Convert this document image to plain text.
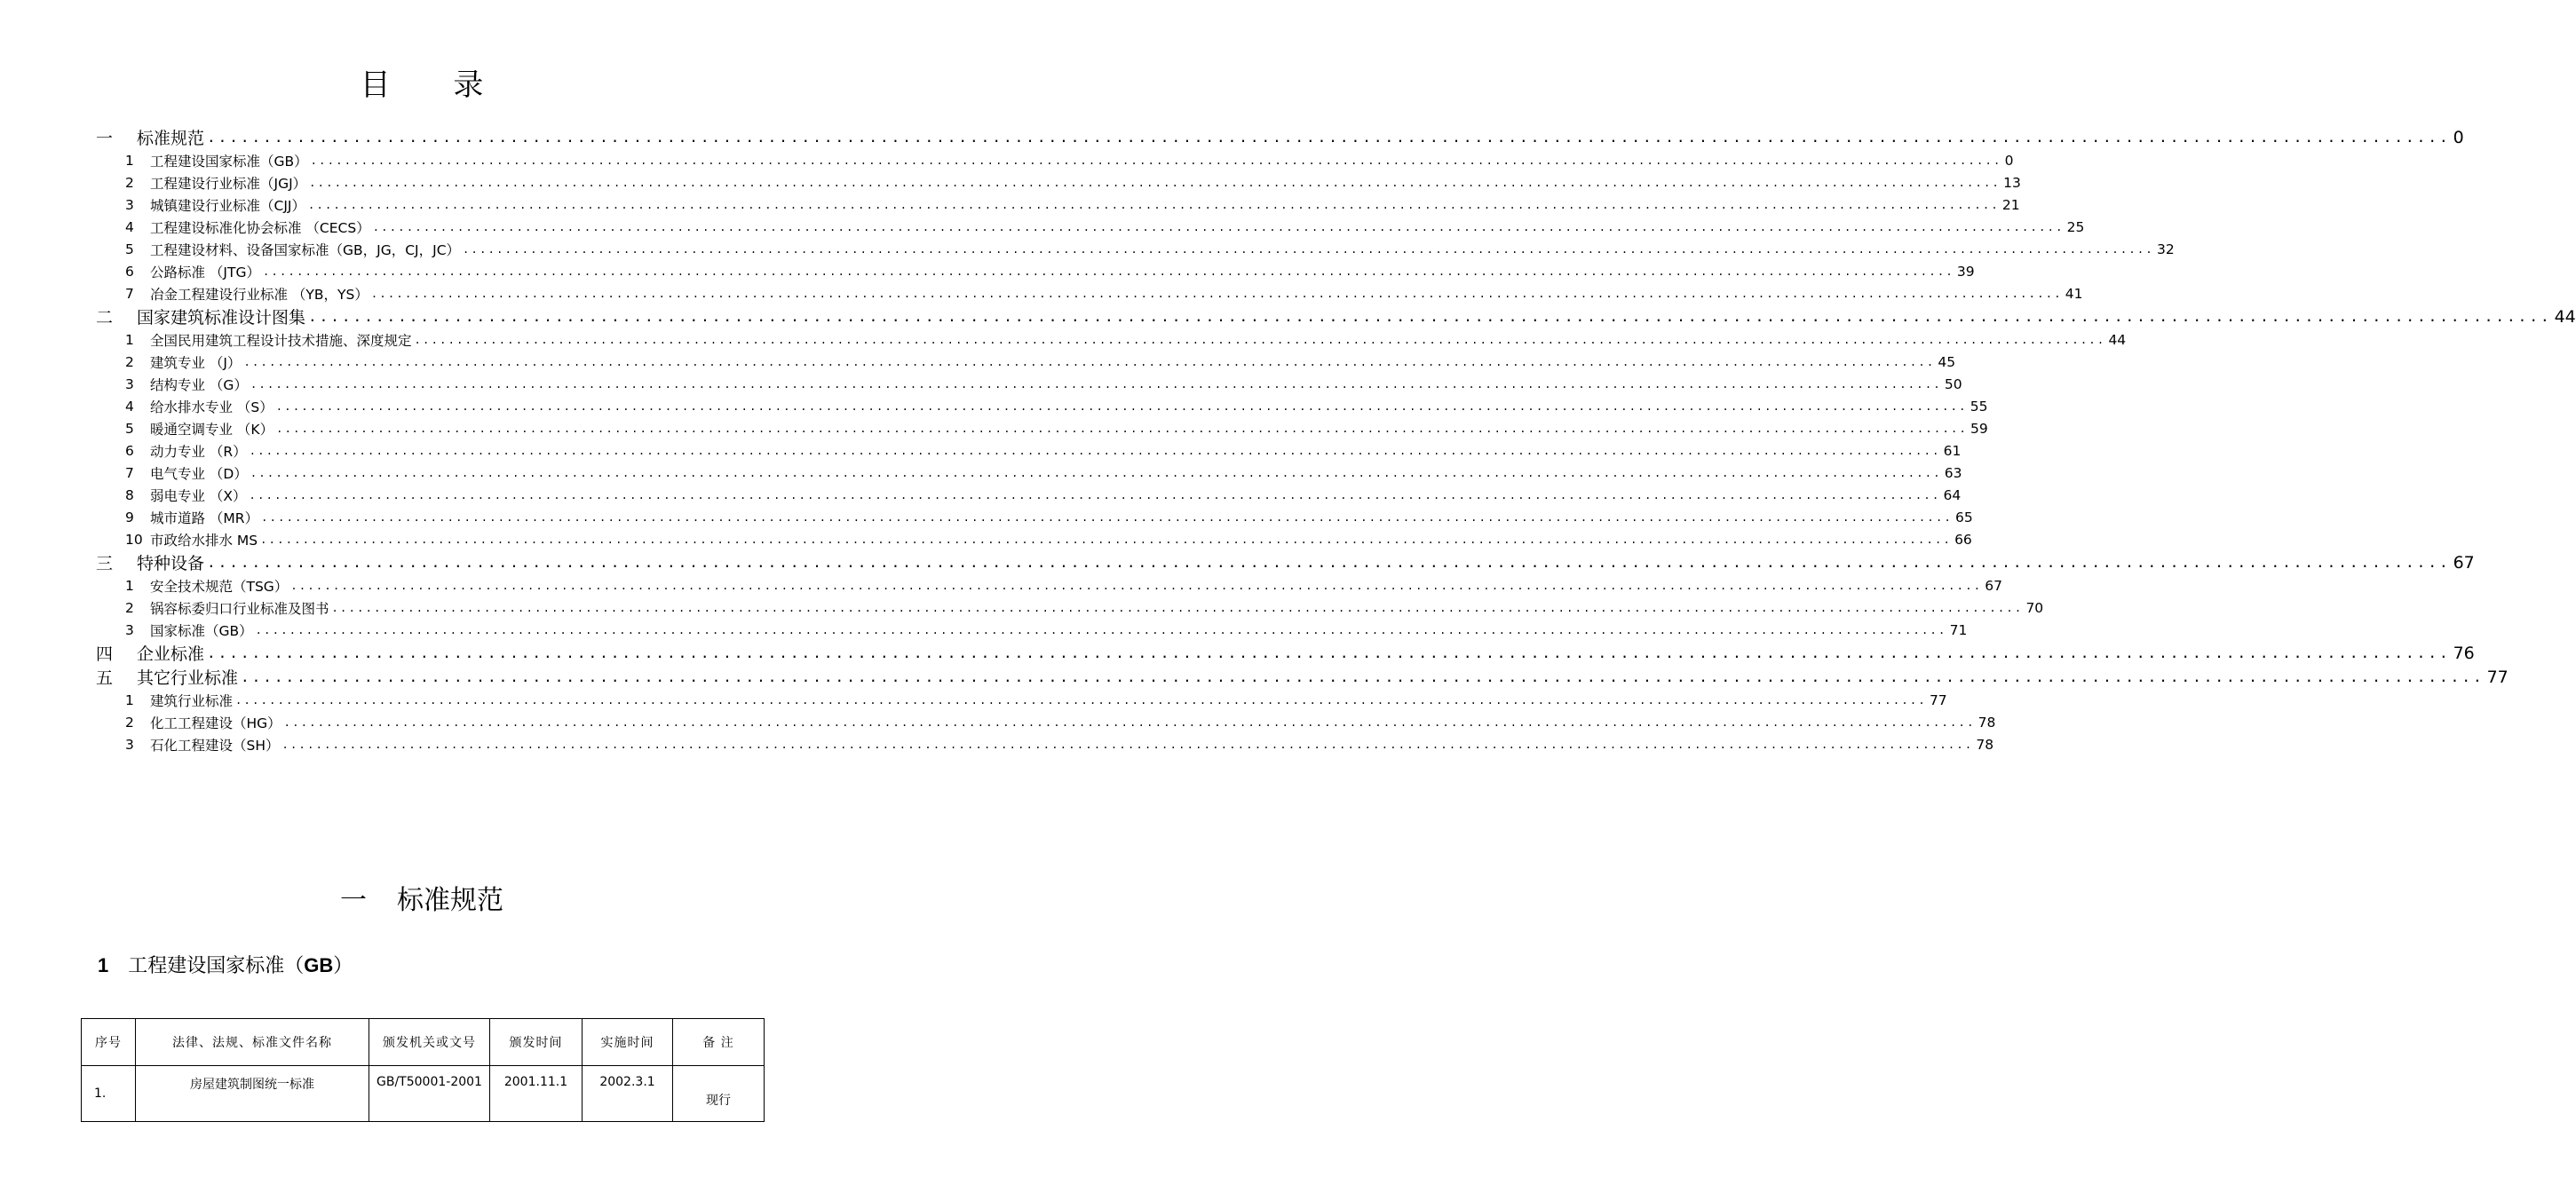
目 录
一	标准规范 ........................................................................................................................................................................................................ 0
1	工程建设国家标准（GB） ........................................................................................................................................................................................................ 0
2	工程建设行业标准（JGJ） ........................................................................................................................................................................................................ 13
3	城镇建设行业标准（CJJ） ........................................................................................................................................................................................................ 21
4	工程建设标准化协会标准 （CECS） ........................................................................................................................................................................................................ 25
5	工程建设材料、设备国家标准（GB，JG，CJ，JC） ........................................................................................................................................................................................................ 32
6	公路标准 （JTG） ........................................................................................................................................................................................................ 39
7	冶金工程建设行业标准 （YB，YS） ........................................................................................................................................................................................................ 41
二	国家建筑标准设计图集 ........................................................................................................................................................................................................ 44
1	全国民用建筑工程设计技术措施、深度规定 ........................................................................................................................................................................................................ 44
2	建筑专业 （J） ........................................................................................................................................................................................................ 45
3	结构专业 （G） ........................................................................................................................................................................................................ 50
4	给水排水专业 （S） ........................................................................................................................................................................................................ 55
5	暖通空调专业 （K） ........................................................................................................................................................................................................ 59
6	动力专业 （R） ........................................................................................................................................................................................................ 61
7	电气专业 （D） ........................................................................................................................................................................................................ 63
8	弱电专业 （X） ........................................................................................................................................................................................................ 64
9	城市道路 （MR） ........................................................................................................................................................................................................ 65
10 市政给水排水 MS ........................................................................................................................................................................................................ 66
三	特种设备 ........................................................................................................................................................................................................ 67
1	安全技术规范（TSG） ........................................................................................................................................................................................................ 67
2	锅容标委归口行业标准及图书 ........................................................................................................................................................................................................ 70
3	国家标准（GB） ........................................................................................................................................................................................................ 71
四	企业标准 ........................................................................................................................................................................................................ 76
五	其它行业标准 ........................................................................................................................................................................................................ 77
1	建筑行业标准 ........................................................................................................................................................................................................ 77
2	化工工程建设（HG） ........................................................................................................................................................................................................ 78
3	石化工程建设（SH） ........................................................................................................................................................................................................ 78
一 标准规范
1 工程建设国家标准（GB）
序号	法律、法规、标准文件名称	颁发机关或文号	颁发时间	实施时间	备 注
1.	房屋建筑制图统一标准	GB/T50001-2001	2001.11.1	2002.3.1	现行
